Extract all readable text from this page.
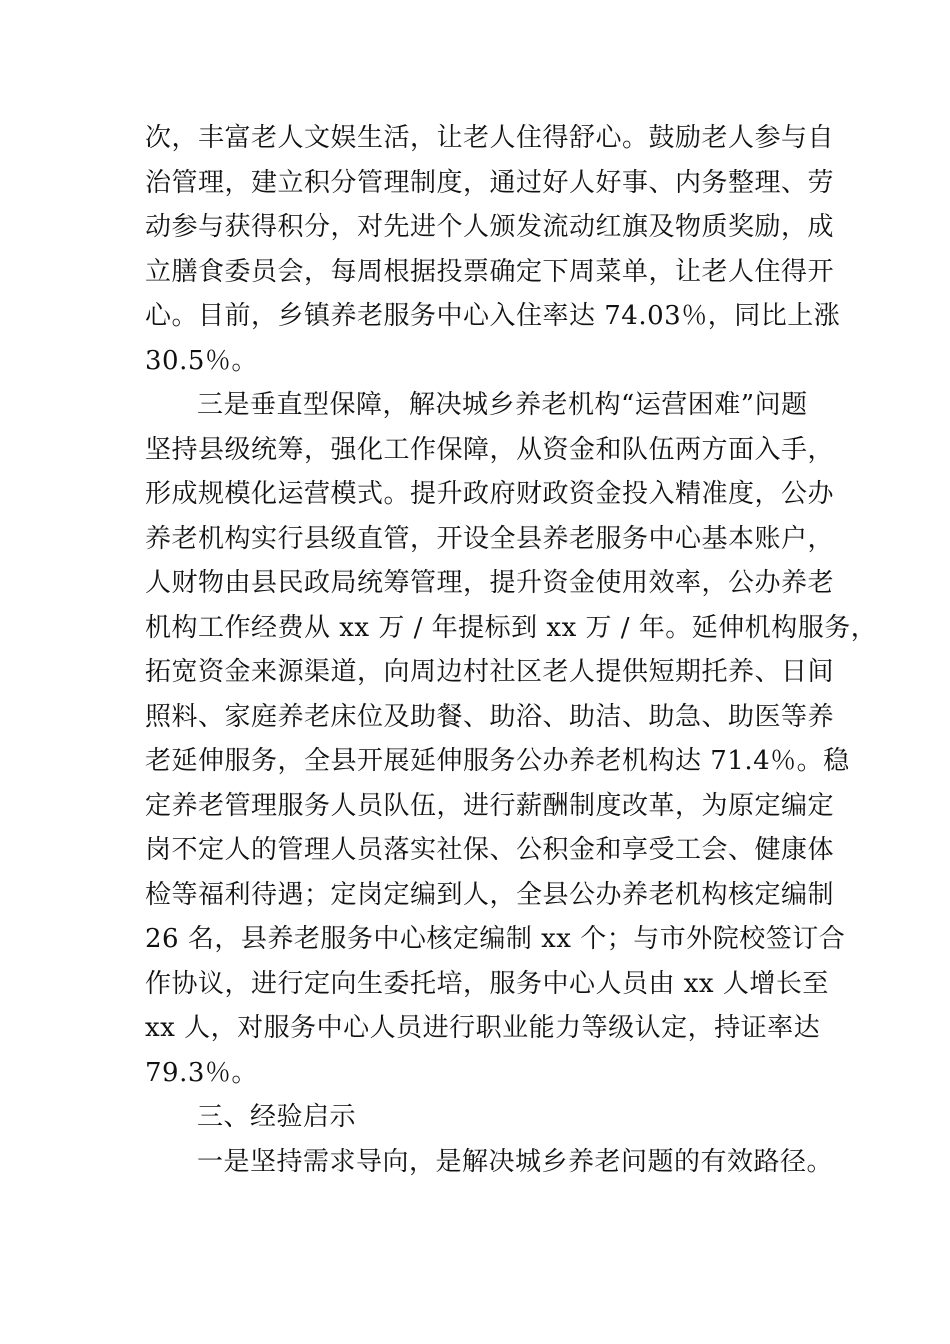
次，丰富老人文娱生活，让老人住得舒心。鼓励老人参与自
治管理，建立积分管理制度，通过好人好事、内务整理、劳
动参与获得积分，对先进个人颁发流动红旗及物质奖励，成
立膳食委员会，每周根据投票确定下周菜单，让老人住得开
心。目前，乡镇养老服务中心入住率达 74.03％，同比上涨
30.5％。
三是垂直型保障，解决城乡养老机构“运营困难”问题
坚持县级统筹，强化工作保障，从资金和队伍两方面入手，
形成规模化运营模式。提升政府财政资金投入精准度，公办
养老机构实行县级直管，开设全县养老服务中心基本账户，
人财物由县民政局统筹管理，提升资金使用效率，公办养老
机构工作经费从 xx 万 / 年提标到 xx 万 / 年。延伸机构服务，
拓宽资金来源渠道，向周边村社区老人提供短期托养、日间
照料、家庭养老床位及助餐、助浴、助洁、助急、助医等养
老延伸服务，全县开展延伸服务公办养老机构达 71.4％。稳
定养老管理服务人员队伍，进行薪酬制度改革，为原定编定
岗不定人的管理人员落实社保、公积金和享受工会、健康体
检等福利待遇；定岗定编到人，全县公办养老机构核定编制
26 名，县养老服务中心核定编制 xx 个；与市外院校签订合
作协议，进行定向生委托培，服务中心人员由 xx 人增长至
xx 人，对服务中心人员进行职业能力等级认定，持证率达
79.3％。
三、经验启示
一是坚持需求导向，是解决城乡养老问题的有效路径。
